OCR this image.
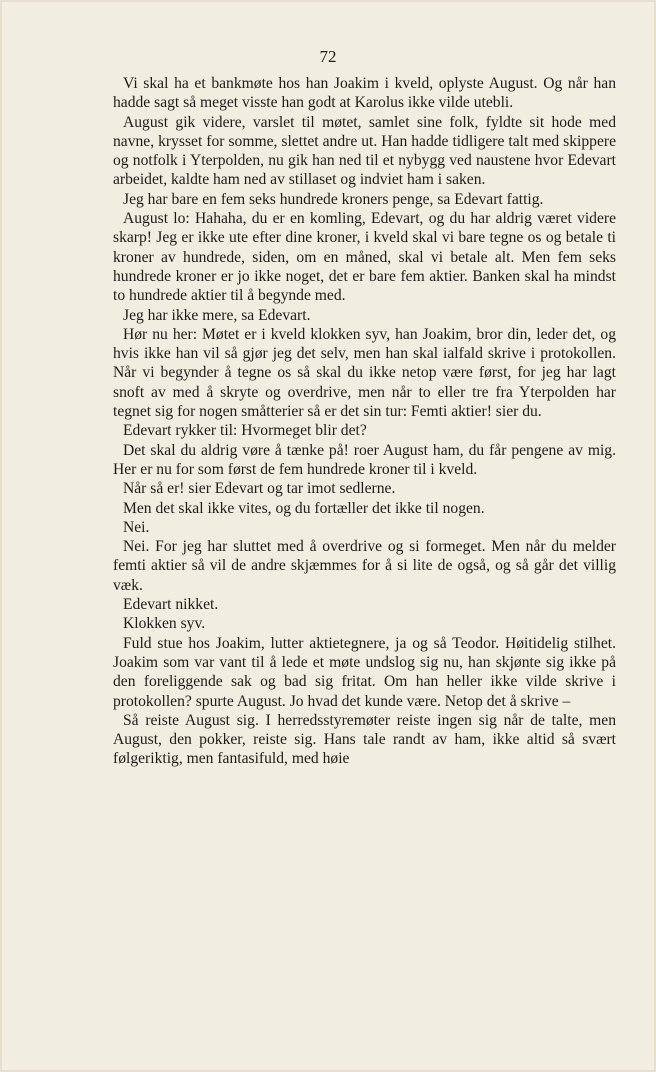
72

Vi skal ha et bankmøte hos han Joakim i kveld, oplyste August. Og når han hadde sagt så meget visste han godt at Karolus ikke vilde utebli.

August gik videre, varslet til møtet, samlet sine folk, fyldte sit hode med navne, krysset for somme, slettet andre ut. Han hadde tidligere talt med skippere og notfolk i Yterpolden, nu gik han ned til et nybygg ved naustene hvor Edevart arbeidet, kaldte ham ned av stillaset og indviet ham i saken.

Jeg har bare en fem seks hundrede kroners penge, sa Edevart fattig.

August lo: Hahaha, du er en komling, Edevart, og du har aldrig været videre skarp! Jeg er ikke ute efter dine kroner, i kveld skal vi bare tegne os og betale ti kroner av hundrede, siden, om en måned, skal vi betale alt. Men fem seks hundrede kroner er jo ikke noget, det er bare fem aktier. Banken skal ha mindst to hundrede aktier til å begynde med.

Jeg har ikke mere, sa Edevart.

Hør nu her: Møtet er i kveld klokken syv, han Joakim, bror din, leder det, og hvis ikke han vil så gjør jeg det selv, men han skal ialfald skrive i protokollen. Når vi begynder å tegne os så skal du ikke netop være først, for jeg har lagt snoft av med å skryte og overdrive, men når to eller tre fra Yterpolden har tegnet sig for nogen småtterier så er det sin tur: Femti aktier! sier du.

Edevart rykker til: Hvormeget blir det?

Det skal du aldrig vøre å tænke på! roer August ham, du får pengene av mig. Her er nu for som først de fem hundrede kroner til i kveld.

Når så er! sier Edevart og tar imot sedlerne.

Men det skal ikke vites, og du fortæller det ikke til nogen.

Nei.

Nei. For jeg har sluttet med å overdrive og si formeget. Men når du melder femti aktier så vil de andre skjæmmes for å si lite de også, og så går det villig væk.

Edevart nikket.

Klokken syv.

Fuld stue hos Joakim, lutter aktietegnere, ja og så Teodor. Høitidelig stilhet. Joakim som var vant til å lede et møte undslog sig nu, han skjønte sig ikke på den foreliggende sak og bad sig fritat. Om han heller ikke vilde skrive i protokollen? spurte August. Jo hvad det kunde være. Netop det å skrive –

Så reiste August sig. I herredsstyremøter reiste ingen sig når de talte, men August, den pokker, reiste sig. Hans tale randt av ham, ikke altid så svært følgeriktig, men fantasifuld, med høie
